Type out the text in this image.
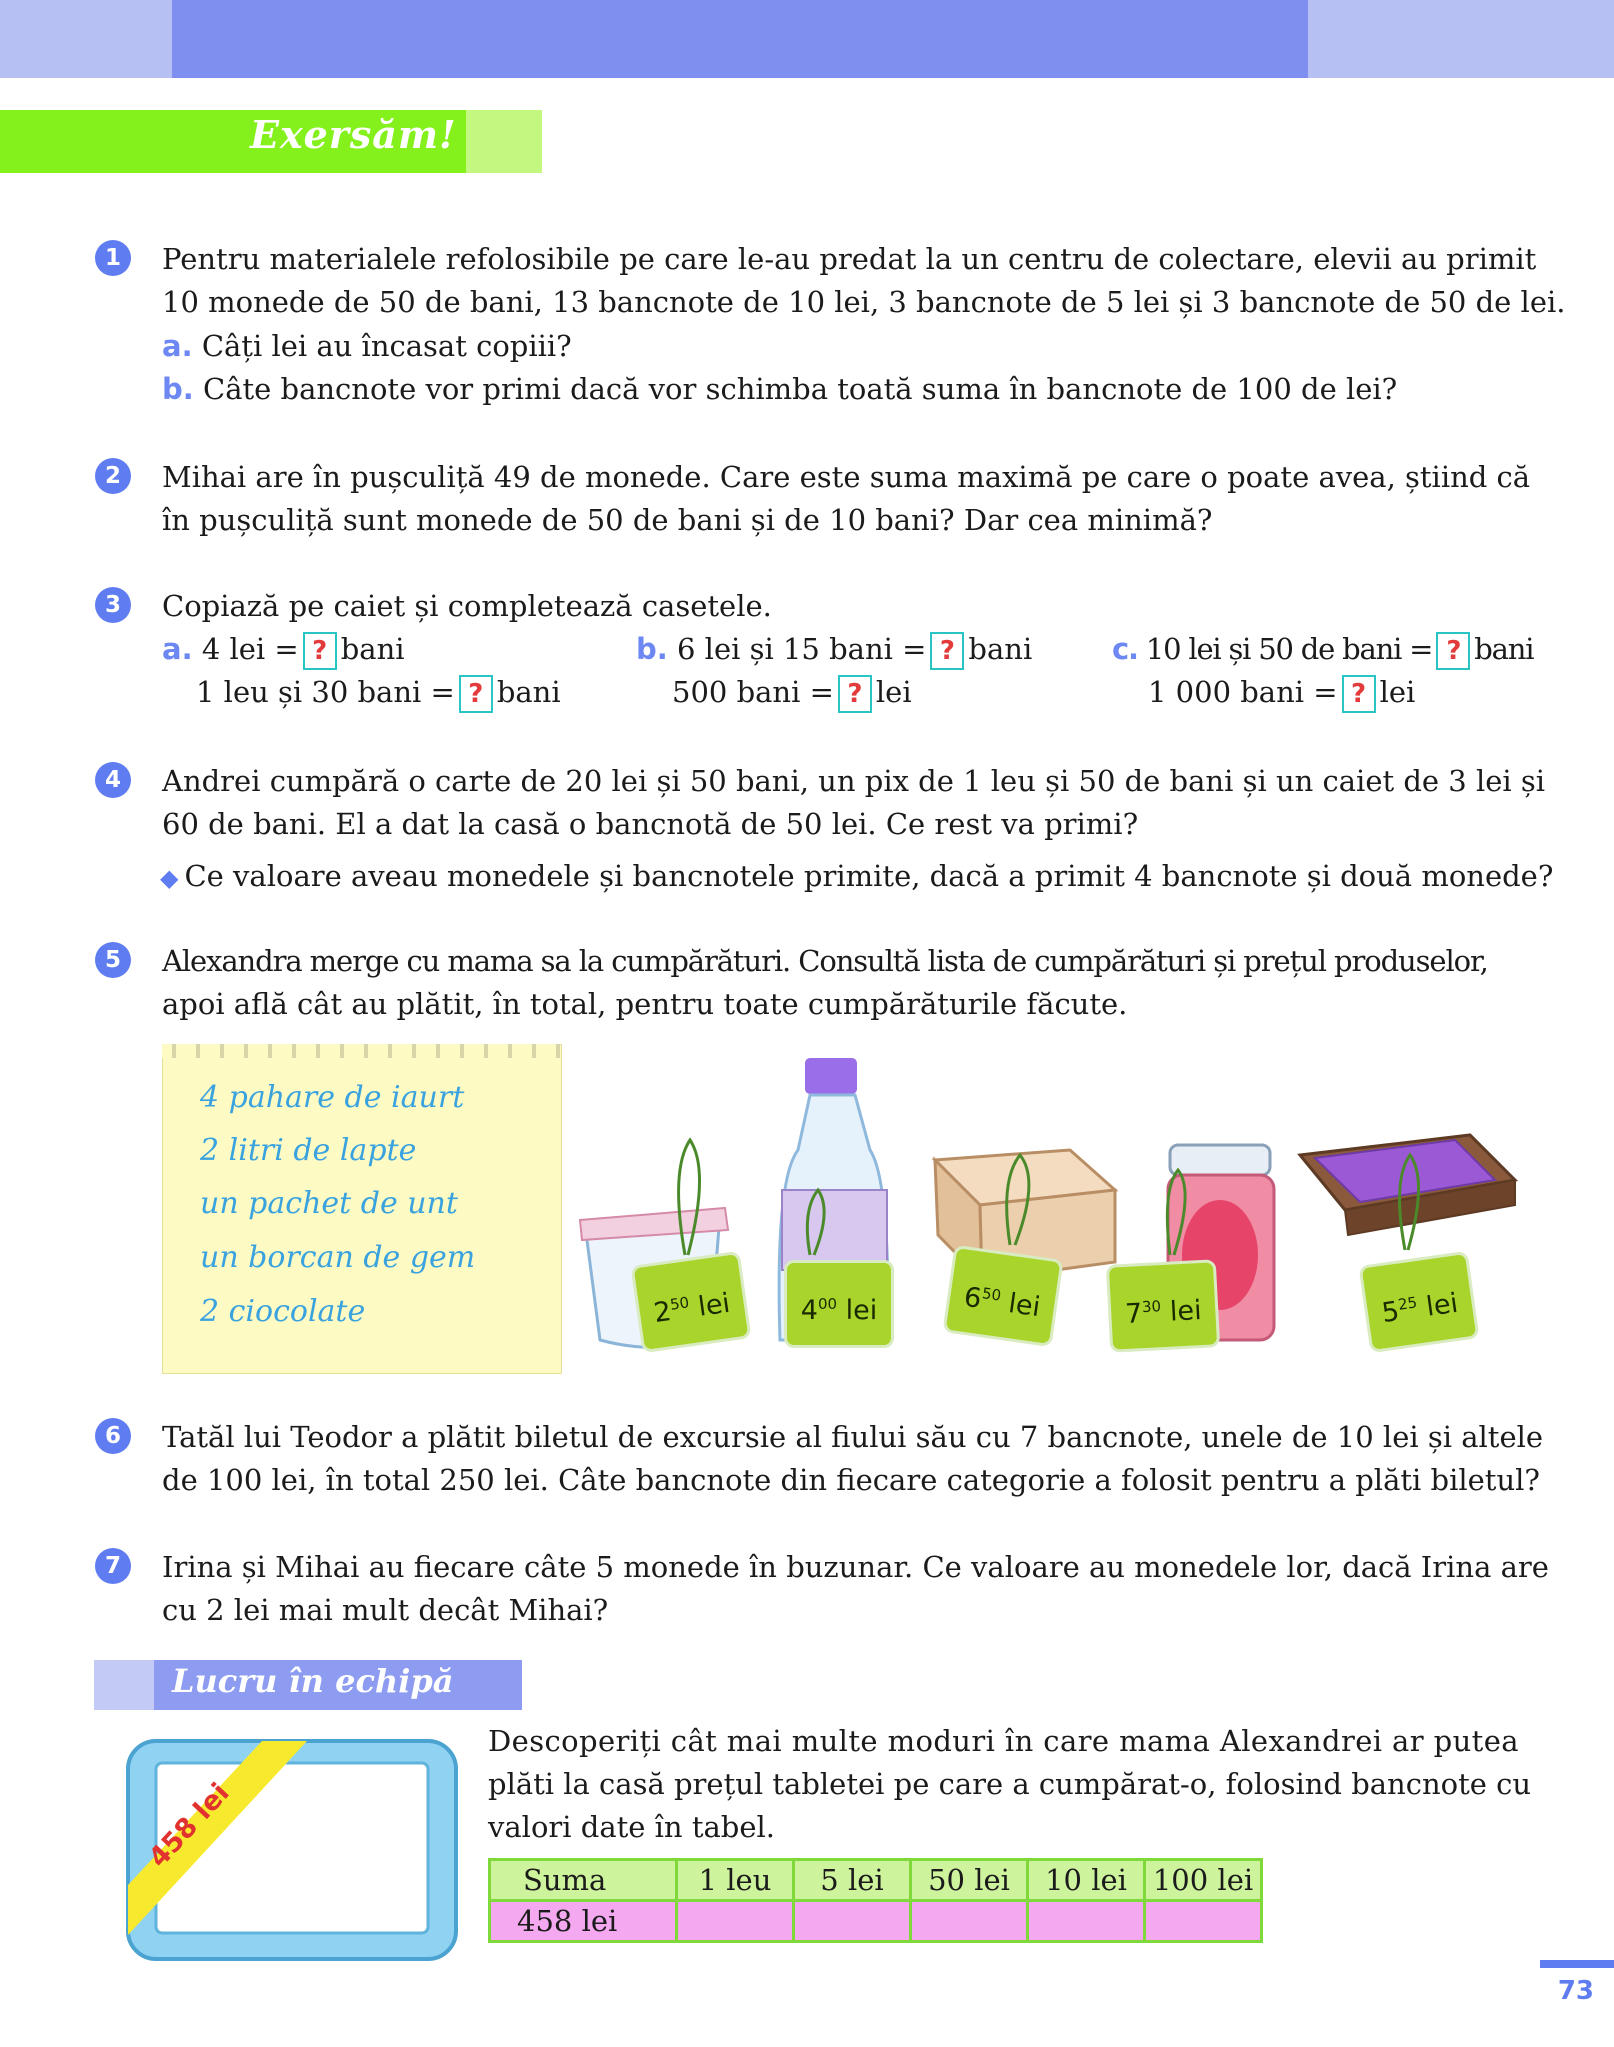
Exersăm!
1	Pentru materialele refolosibile pe care le-au predat la un centru de colectare, elevii au primit
10 monede de 50 de bani, 13 bancnote de 10 lei, 3 bancnote de 5 lei și 3 bancnote de 50 de lei.
a. Câți lei au încasat copiii?
b. Câte bancnote vor primi dacă vor schimba toată suma în bancnote de 100 de lei?
2	Mihai are în pușculiță 49 de monede. Care este suma maximă pe care o poate avea, știind că
în pușculiță sunt monede de 50 de bani și de 10 bani? Dar cea minimă?
3	Copiază pe caiet și completează casetele.
a. 4 lei = ? bani
1 leu și 30 bani = ? bani
b. 6 lei și 15 bani = ? bani
500 bani = ? lei
c. 10 lei și 50 de bani = ? bani
1 000 bani = ? lei
4	Andrei cumpără o carte de 20 lei și 50 bani, un pix de 1 leu și 50 de bani și un caiet de 3 lei și
60 de bani. El a dat la casă o bancnotă de 50 lei. Ce rest va primi?
◆ Ce valoare aveau monedele și bancnotele primite, dacă a primit 4 bancnote și două monede?
5	Alexandra merge cu mama sa la cumpărături. Consultă lista de cumpărături și prețul produselor,
apoi află cât au plătit, în total, pentru toate cumpărăturile făcute.
4 pahare de iaurt
2 litri de lapte
un pachet de unt
un borcan de gem
2 ciocolate	$2^{50}$ lei	$4^{00}$ lei	$6^{50}$ lei	$7^{30}$ lei	$5^{25}$ lei
6	Tatăl lui Teodor a plătit biletul de excursie al fiului său cu 7 bancnote, unele de 10 lei și altele
de 100 lei, în total 250 lei. Câte bancnote din fiecare categorie a folosit pentru a plăti biletul?
7	Irina și Mihai au fiecare câte 5 monede în buzunar. Ce valoare au monedele lor, dacă Irina are
cu 2 lei mai mult decât Mihai?
Lucru în echipă
458 lei
Descoperiți cât mai multe moduri în care mama Alexandrei ar putea
plăti la casă prețul tabletei pe care a cumpărat-o, folosind bancnote cu
valori date în tabel.
Suma	1 leu	5 lei	50 lei	10 lei	100 lei
458 lei					
73
